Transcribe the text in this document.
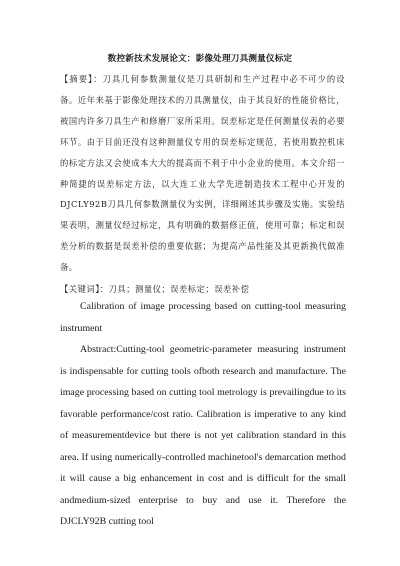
数控新技术发展论文：影像处理刀具测量仪标定

【摘要】：刀具几何参数测量仪是刀具研制和生产过程中必不可少的设备。近年来基于影像处理技术的刀具测量仪，由于其良好的性能价格比，被国内许多刀具生产和修磨厂家所采用。误差标定是任何测量仪表的必要环节。由于目前还没有这种测量仪专用的误差标定规范，若使用数控机床的标定方法又会使成本大大的提高而不利于中小企业的使用。本文介绍一种简捷的误差标定方法，以大连工业大学先进制造技术工程中心开发的DJCLY92B刀具几何参数测量仪为实例，详细阐述其步骤及实施。实验结果表明，测量仪经过标定，具有明确的数据修正值，使用可靠；标定和误差分析的数据是误差补偿的重要依据；为提高产品性能及其更新换代做准备。

【关键词】：刀具；测量仪；误差标定；误差补偿
Calibration of image processing based on cutting-tool measuring instrument

Abstract:Cutting-tool geometric-parameter measuring instrument is indispensable for cutting tools ofboth research and manufacture. The image processing based on cutting tool metrology is prevailingdue to its favorable performance/cost ratio. Calibration is imperative to any kind of measurementdevice but there is not yet calibration standard in this area. If using numerically-controlled machinetool's demarcation method it will cause a big enhancement in cost and is difficult for the small andmedium-sized enterprise to buy and use it. Therefore the DJCLY92B cutting tool
